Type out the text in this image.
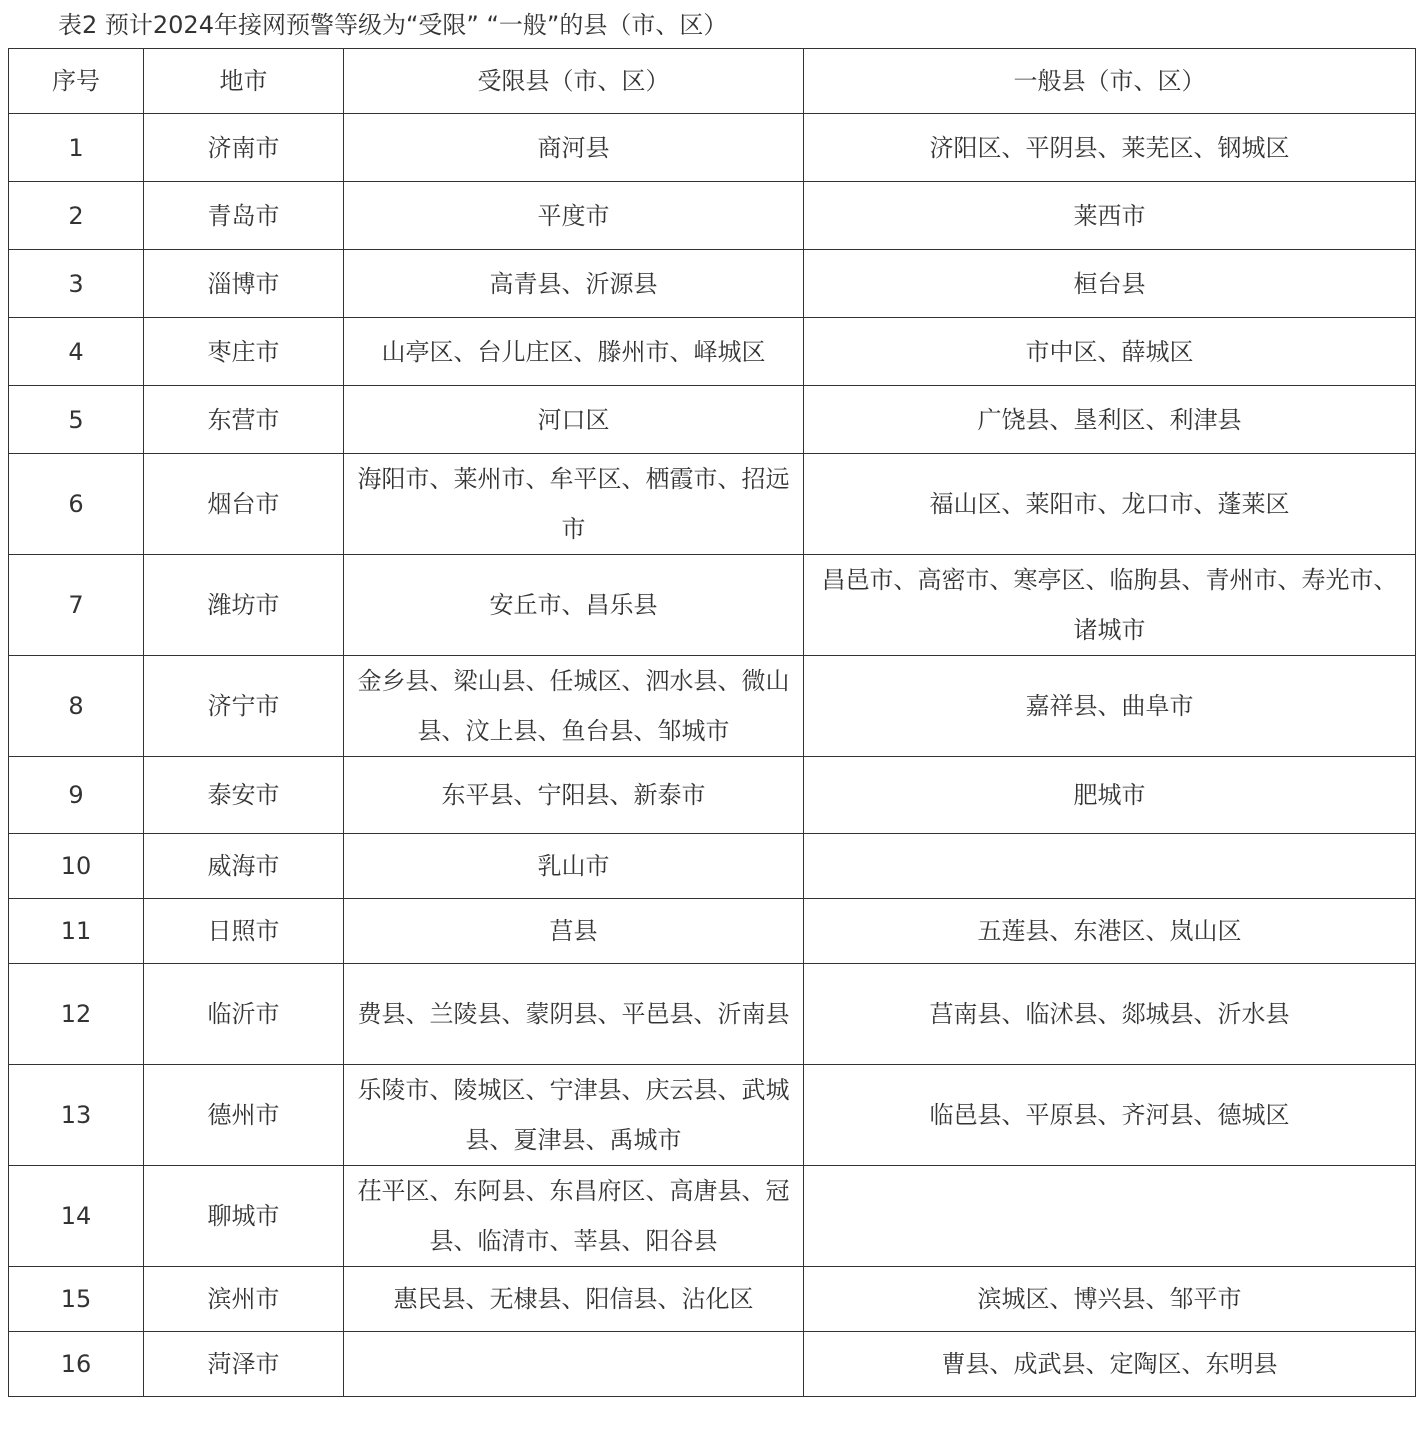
表2 预计2024年接网预警等级为“受限” “一般”的县（市、区）
序号	地市	受限县（市、区）	一般县（市、区）
1	济南市	商河县	济阳区、平阴县、莱芜区、钢城区
2	青岛市	平度市	莱西市
3	淄博市	高青县、沂源县	桓台县
4	枣庄市	山亭区、台儿庄区、滕州市、峄城区	市中区、薛城区
5	东营市	河口区	广饶县、垦利区、利津县
6	烟台市	海阳市、莱州市、牟平区、栖霞市、招远市	福山区、莱阳市、龙口市、蓬莱区
7	潍坊市	安丘市、昌乐县	昌邑市、高密市、寒亭区、临朐县、青州市、寿光市、诸城市
8	济宁市	金乡县、梁山县、任城区、泗水县、微山县、汶上县、鱼台县、邹城市	嘉祥县、曲阜市
9	泰安市	东平县、宁阳县、新泰市	肥城市
10	威海市	乳山市	
11	日照市	莒县	五莲县、东港区、岚山区
12	临沂市	费县、兰陵县、蒙阴县、平邑县、沂南县	莒南县、临沭县、郯城县、沂水县
13	德州市	乐陵市、陵城区、宁津县、庆云县、武城县、夏津县、禹城市	临邑县、平原县、齐河县、德城区
14	聊城市	茌平区、东阿县、东昌府区、高唐县、冠县、临清市、莘县、阳谷县	
15	滨州市	惠民县、无棣县、阳信县、沾化区	滨城区、博兴县、邹平市
16	菏泽市		曹县、成武县、定陶区、东明县
